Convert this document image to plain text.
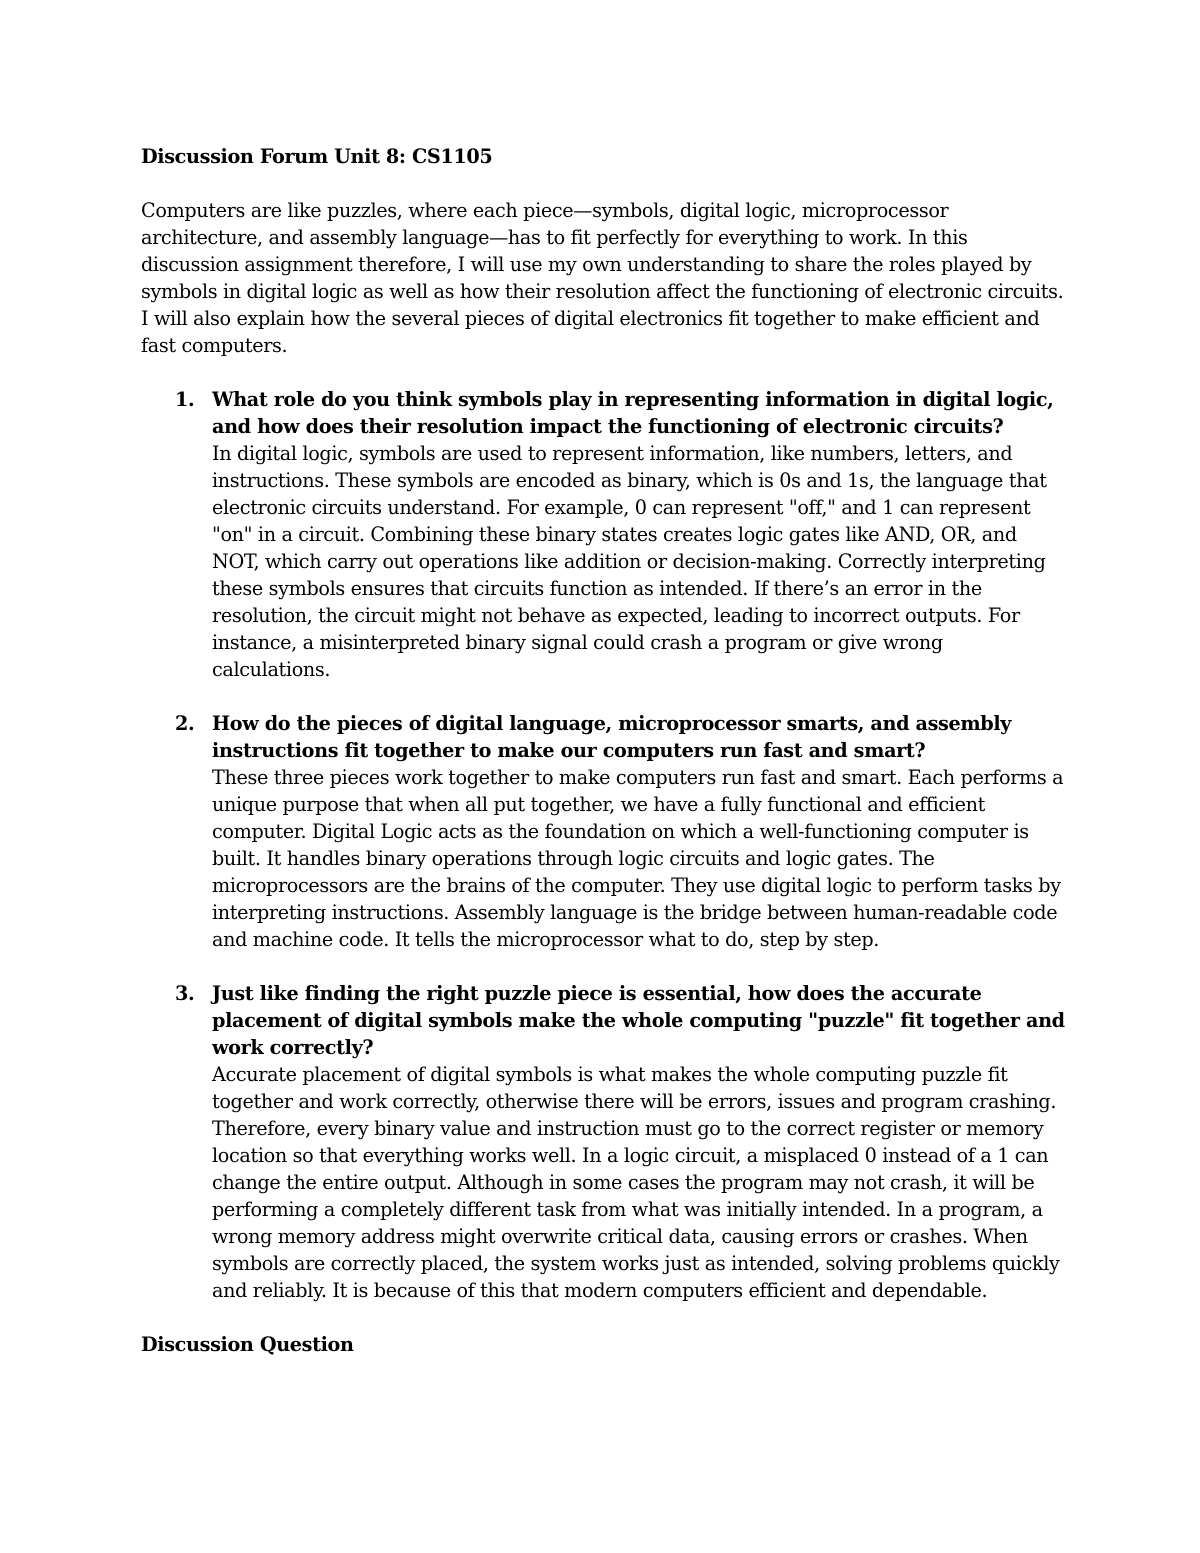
Discussion Forum Unit 8: CS1105

Computers are like puzzles, where each piece—symbols, digital logic, microprocessor architecture, and assembly language—has to fit perfectly for everything to work. In this discussion assignment therefore, I will use my own understanding to share the roles played by symbols in digital logic as well as how their resolution affect the functioning of electronic circuits. I will also explain how the several pieces of digital electronics fit together to make efficient and fast computers.

1. What role do you think symbols play in representing information in digital logic, and how does their resolution impact the functioning of electronic circuits?
In digital logic, symbols are used to represent information, like numbers, letters, and instructions. These symbols are encoded as binary, which is 0s and 1s, the language that electronic circuits understand. For example, 0 can represent "off," and 1 can represent "on" in a circuit. Combining these binary states creates logic gates like AND, OR, and NOT, which carry out operations like addition or decision-making. Correctly interpreting these symbols ensures that circuits function as intended. If there’s an error in the resolution, the circuit might not behave as expected, leading to incorrect outputs. For instance, a misinterpreted binary signal could crash a program or give wrong calculations.
2. How do the pieces of digital language, microprocessor smarts, and assembly instructions fit together to make our computers run fast and smart?
These three pieces work together to make computers run fast and smart. Each performs a unique purpose that when all put together, we have a fully functional and efficient computer. Digital Logic acts as the foundation on which a well-functioning computer is built. It handles binary operations through logic circuits and logic gates. The microprocessors are the brains of the computer. They use digital logic to perform tasks by interpreting instructions. Assembly language is the bridge between human-readable code and machine code. It tells the microprocessor what to do, step by step.
3. Just like finding the right puzzle piece is essential, how does the accurate placement of digital symbols make the whole computing "puzzle" fit together and work correctly?
Accurate placement of digital symbols is what makes the whole computing puzzle fit together and work correctly, otherwise there will be errors, issues and program crashing. Therefore, every binary value and instruction must go to the correct register or memory location so that everything works well. In a logic circuit, a misplaced 0 instead of a 1 can change the entire output. Although in some cases the program may not crash, it will be performing a completely different task from what was initially intended. In a program, a wrong memory address might overwrite critical data, causing errors or crashes. When symbols are correctly placed, the system works just as intended, solving problems quickly and reliably. It is because of this that modern computers efficient and dependable.

Discussion Question
